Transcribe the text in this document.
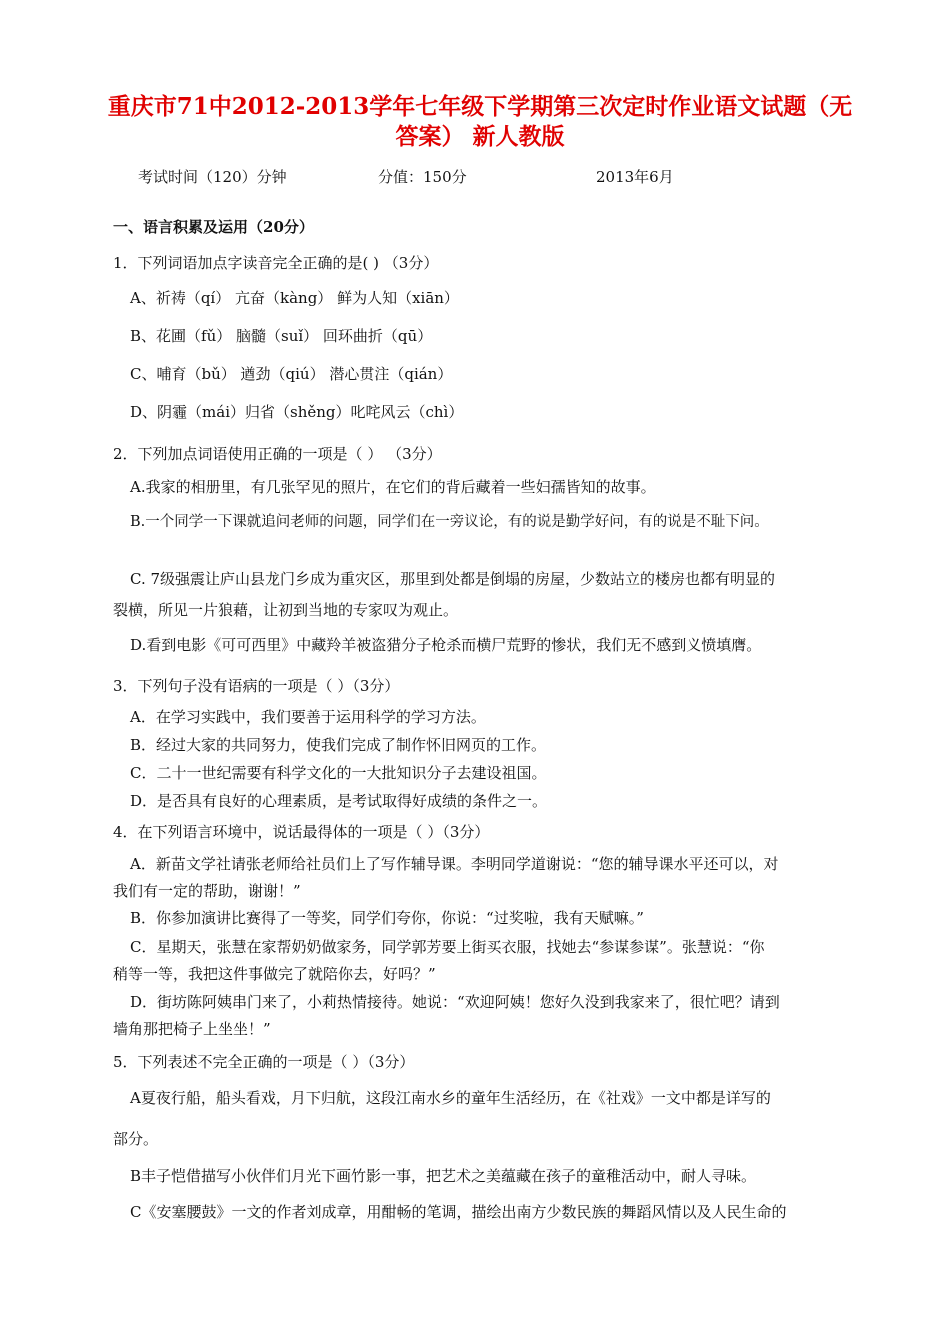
重庆市71中2012-2013学年七年级下学期第三次定时作业语文试题（无答案） 新人教版
考试时间（120）分钟	分值：150分	2013年6月
一、语言积累及运用（20分）
1．下列词语加点字读音完全正确的是( ) （3分）
A、祈祷（qí） 亢奋（kàng） 鲜为人知（xiān）
B、花圃（fǔ） 脑髓（suǐ） 回环曲折（qū）
C、哺育（bǔ） 遒劲（qiú） 潜心贯注（qián）
D、阴霾（mái）归省（shěng）叱咤风云（chì）
2．下列加点词语使用正确的一项是（ ） （3分）
A.我家的相册里，有几张罕见的照片，在它们的背后藏着一些妇孺皆知的故事。
B.一个同学一下课就追问老师的问题，同学们在一旁议论，有的说是勤学好问，有的说是不耻下问。
C. 7级强震让庐山县龙门乡成为重灾区，那里到处都是倒塌的房屋，少数站立的楼房也都有明显的
裂横，所见一片狼藉，让初到当地的专家叹为观止。
D.看到电影《可可西里》中藏羚羊被盗猎分子枪杀而横尸荒野的惨状，我们无不感到义愤填膺。
3．下列句子没有语病的一项是（ ）（3分）
A．在学习实践中，我们要善于运用科学的学习方法。
B．经过大家的共同努力，使我们完成了制作怀旧网页的工作。
C．二十一世纪需要有科学文化的一大批知识分子去建设祖国。
D．是否具有良好的心理素质，是考试取得好成绩的条件之一。
4．在下列语言环境中，说话最得体的一项是（ ）（3分）
A．新苗文学社请张老师给社员们上了写作辅导课。李明同学道谢说：“您的辅导课水平还可以，对
我们有一定的帮助，谢谢！”
B．你参加演讲比赛得了一等奖，同学们夸你，你说：“过奖啦，我有天赋嘛。”
C．星期天，张慧在家帮奶奶做家务，同学郭芳要上街买衣服，找她去“参谋参谋”。张慧说：“你
稍等一等，我把这件事做完了就陪你去，好吗？”
D．街坊陈阿姨串门来了，小莉热情接待。她说：“欢迎阿姨！您好久没到我家来了，很忙吧？请到
墙角那把椅子上坐坐！”
5．下列表述不完全正确的一项是（ ）（3分）
A夏夜行船，船头看戏，月下归航，这段江南水乡的童年生活经历，在《社戏》一文中都是详写的
部分。
B丰子恺借描写小伙伴们月光下画竹影一事，把艺术之美蕴藏在孩子的童稚活动中，耐人寻味。
C《安塞腰鼓》一文的作者刘成章，用酣畅的笔调，描绘出南方少数民族的舞蹈风情以及人民生命的
